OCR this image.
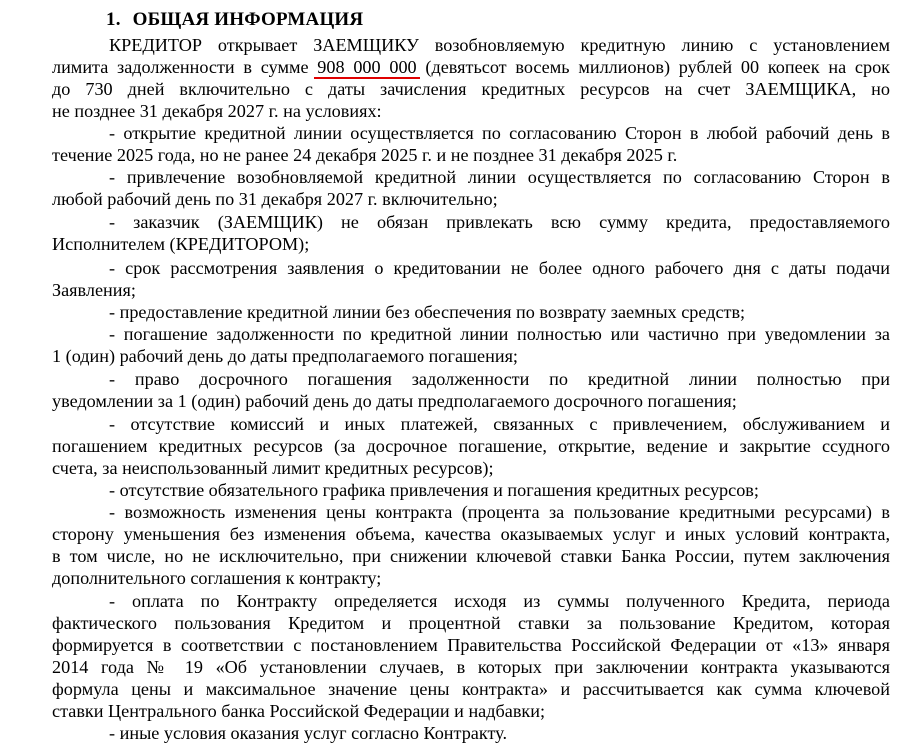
1. ОБЩАЯ ИНФОРМАЦИЯ
КРЕДИТОР открывает ЗАЕМЩИКУ возобновляемую кредитную линию с установлением
лимита задолженности в сумме 908 000 000 (девятьсот восемь миллионов) рублей 00 копеек на срок
до 730 дней включительно с даты зачисления кредитных ресурсов на счет ЗАЕМЩИКА, но
не позднее 31 декабря 2027 г. на условиях:
- открытие кредитной линии осуществляется по согласованию Сторон в любой рабочий день в
течение 2025 года, но не ранее 24 декабря 2025 г. и не позднее 31 декабря 2025 г.
- привлечение возобновляемой кредитной линии осуществляется по согласованию Сторон в
любой рабочий день по 31 декабря 2027 г. включительно;
- заказчик (ЗАЕМЩИК) не обязан привлекать всю сумму кредита, предоставляемого
Исполнителем (КРЕДИТОРОМ);
- срок рассмотрения заявления о кредитовании не более одного рабочего дня с даты подачи
Заявления;
- предоставление кредитной линии без обеспечения по возврату заемных средств;
- погашение задолженности по кредитной линии полностью или частично при уведомлении за
1 (один) рабочий день до даты предполагаемого погашения;
- право досрочного погашения задолженности по кредитной линии полностью при
уведомлении за 1 (один) рабочий день до даты предполагаемого досрочного погашения;
- отсутствие комиссий и иных платежей, связанных с привлечением, обслуживанием и
погашением кредитных ресурсов (за досрочное погашение, открытие, ведение и закрытие ссудного
счета, за неиспользованный лимит кредитных ресурсов);
- отсутствие обязательного графика привлечения и погашения кредитных ресурсов;
- возможность изменения цены контракта (процента за пользование кредитными ресурсами) в
сторону уменьшения без изменения объема, качества оказываемых услуг и иных условий контракта,
в том числе, но не исключительно, при снижении ключевой ставки Банка России, путем заключения
дополнительного соглашения к контракту;
- оплата по Контракту определяется исходя из суммы полученного Кредита, периода
фактического пользования Кредитом и процентной ставки за пользование Кредитом, которая
формируется в соответствии с постановлением Правительства Российской Федерации от «13» января
2014 года № 19 «Об установлении случаев, в которых при заключении контракта указываются
формула цены и максимальное значение цены контракта» и рассчитывается как сумма ключевой
ставки Центрального банка Российской Федерации и надбавки;
- иные условия оказания услуг согласно Контракту.
